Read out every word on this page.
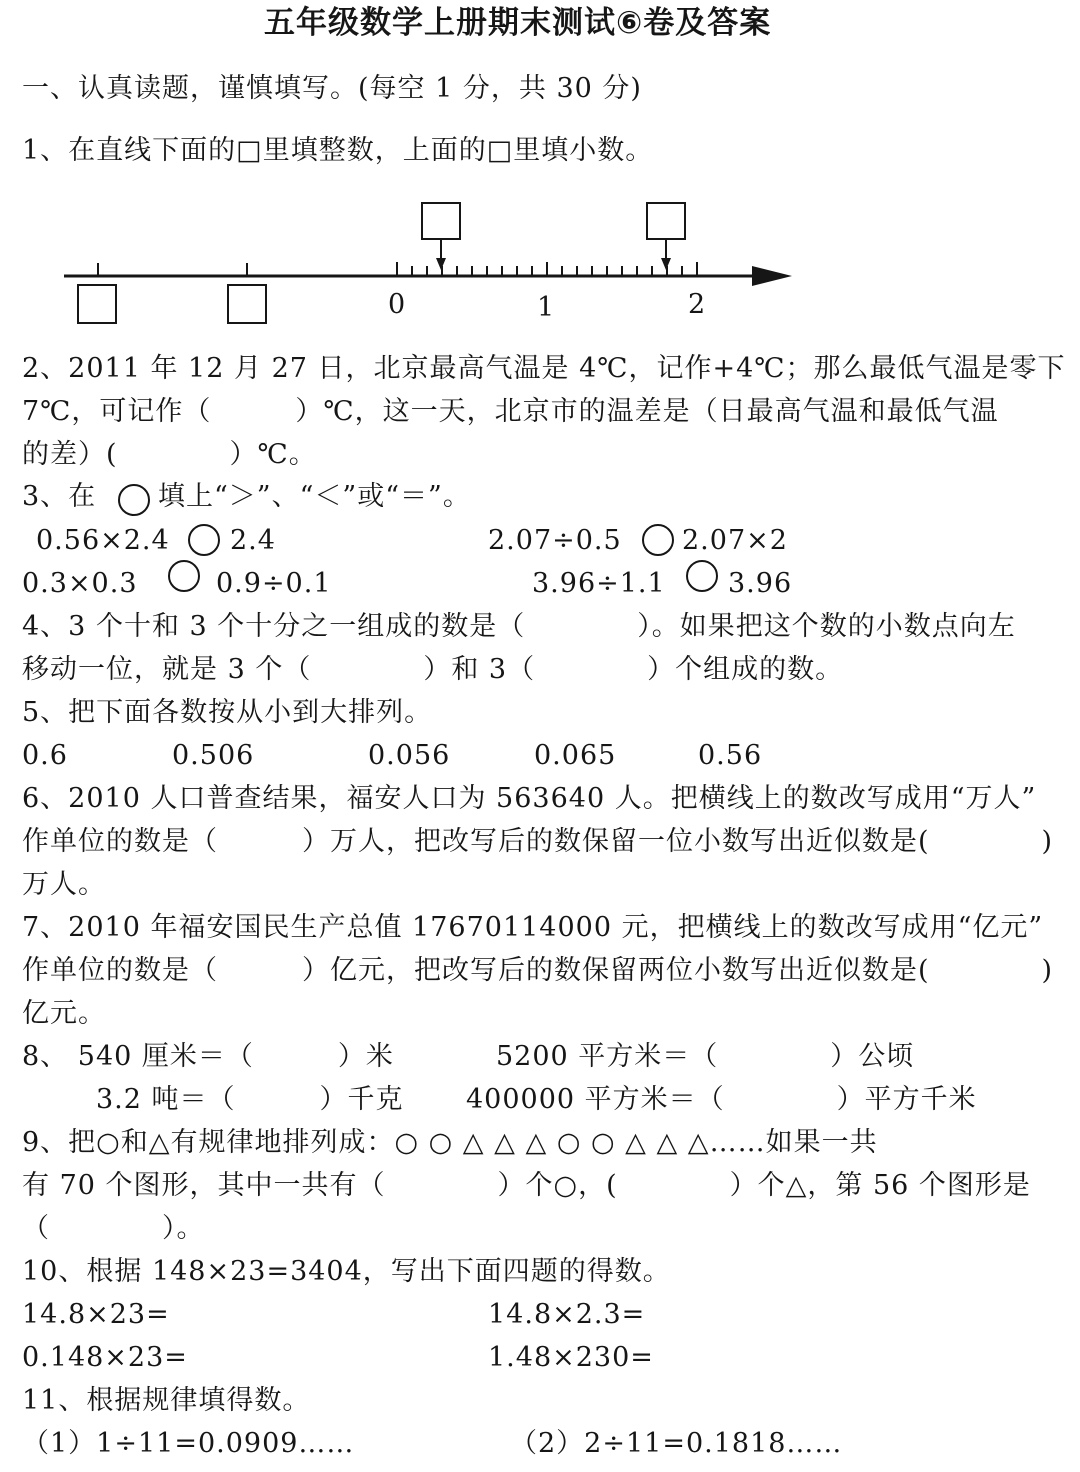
五年级数学上册期末测试⑥卷及答案
一、认真读题，谨慎填写。(每空 1 分，共 30 分)
1、在直线下面的□里填整数，上面的□里填小数。
0	1	2
2、2011 年 12 月 27 日，北京最高气温是 4℃，记作+4℃；那么最低气温是零下
7℃，可记作（　　　）℃，这一天，北京市的温差是（日最高气温和最低气温
的差）(　　　　）℃。
3、在 填上“＞”、“＜”或“＝”。
0.56×2.4 2.4	2.07÷0.5 2.07×2
0.3×0.3	0.9÷0.1	3.96÷1.1 3.96
4、3 个十和 3 个十分之一组成的数是（　　　　）。如果把这个数的小数点向左
移动一位，就是 3 个（　　　　）和 3（　　　　）个组成的数。
5、把下面各数按从小到大排列。
0.6	0.506	0.056	0.065	0.56
6、2010 人口普查结果，福安人口为 563640 人。把横线上的数改写成用“万人”
作单位的数是（　　　）万人，把改写后的数保留一位小数写出近似数是(　　　　)
万人。
7、2010 年福安国民生产总值 17670114000 元，把横线上的数改写成用“亿元”
作单位的数是（　　　）亿元，把改写后的数保留两位小数写出近似数是(　　　　)
亿元。
8、 540 厘米＝（　　　）米	5200 平方米＝（　　　　）公顷
3.2 吨＝（　　　）千克 400000 平方米＝（　　　　）平方千米
9、把○和△有规律地排列成：○ ○ △ △ △ ○ ○ △ △ △……如果一共
有 70 个图形，其中一共有（　　　　）个○，(　　　　）个△，第 56 个图形是
（　　　　）。
10、根据 148×23=3404，写出下面四题的得数。
14.8×23=	14.8×2.3=
0.148×23=	1.48×230=
11、根据规律填得数。
（1）1÷11=0.0909……	（2）2÷11=0.1818……
